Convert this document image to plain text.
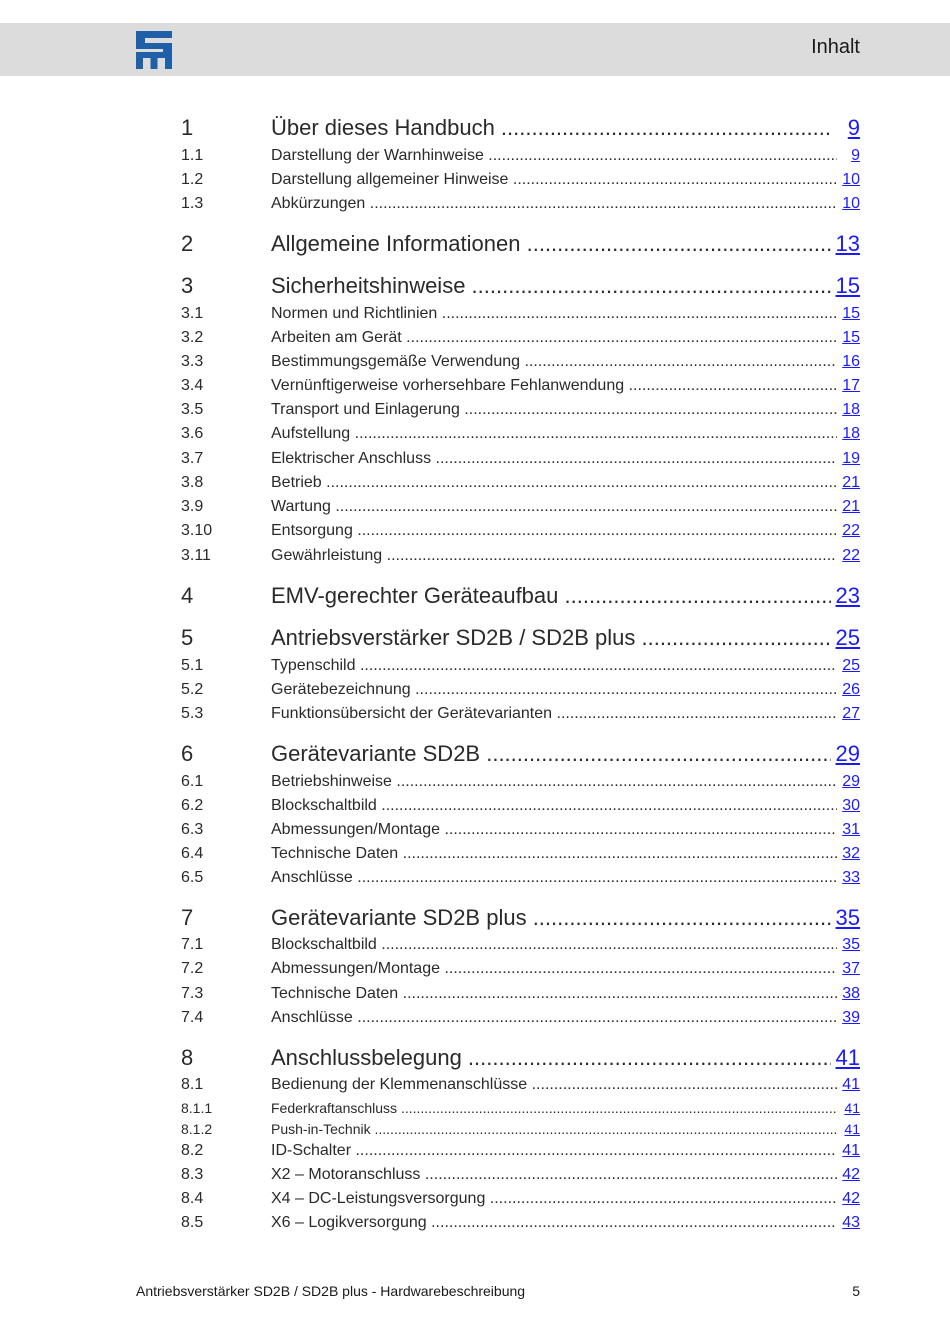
Inhalt
1	Über dieses Handbuch .....	9
1.1	Darstellung der Warnhinweise .....	9
1.2	Darstellung allgemeiner Hinweise .....	10
1.3	Abkürzungen .....	10
2	Allgemeine Informationen .....	13
3	Sicherheitshinweise .....	15
3.1	Normen und Richtlinien .....	15
3.2	Arbeiten am Gerät .....	15
3.3	Bestimmungsgemäße Verwendung .....	16
3.4	Vernünftigerweise vorhersehbare Fehlanwendung .....	17
3.5	Transport und Einlagerung .....	18
3.6	Aufstellung .....	18
3.7	Elektrischer Anschluss .....	19
3.8	Betrieb .....	21
3.9	Wartung .....	21
3.10	Entsorgung .....	22
3.11	Gewährleistung .....	22
4	EMV-gerechter Geräteaufbau .....	23
5	Antriebsverstärker SD2B / SD2B plus .....	25
5.1	Typenschild .....	25
5.2	Gerätebezeichnung .....	26
5.3	Funktionsübersicht der Gerätevarianten .....	27
6	Gerätevariante SD2B .....	29
6.1	Betriebshinweise .....	29
6.2	Blockschaltbild .....	30
6.3	Abmessungen/Montage .....	31
6.4	Technische Daten .....	32
6.5	Anschlüsse .....	33
7	Gerätevariante SD2B plus .....	35
7.1	Blockschaltbild .....	35
7.2	Abmessungen/Montage .....	37
7.3	Technische Daten .....	38
7.4	Anschlüsse .....	39
8	Anschlussbelegung .....	41
8.1	Bedienung der Klemmenanschlüsse .....	41
8.1.1	Federkraftanschluss .....	41
8.1.2	Push-in-Technik .....	41
8.2	ID-Schalter .....	41
8.3	X2 – Motoranschluss .....	42
8.4	X4 – DC-Leistungsversorgung .....	42
8.5	X6 – Logikversorgung .....	43
Antriebsverstärker SD2B / SD2B plus - Hardwarebeschreibung	5
